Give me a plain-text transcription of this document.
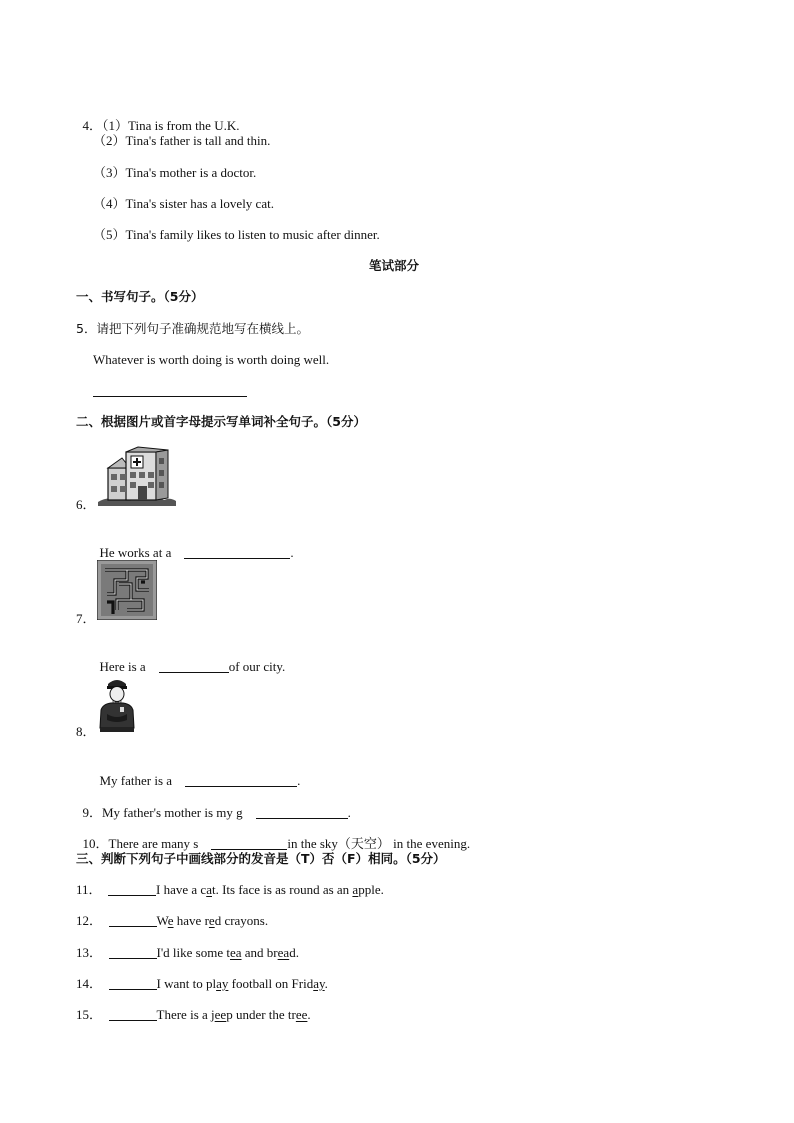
4．（1）Tina is from the U.K.

（2）Tina's father is tall and thin.
（3）Tina's mother is a doctor.
（4）Tina's sister has a lovely cat.
（5）Tina's family likes to listen to music after dinner.
笔试部分
一、书写句子。（5分）
5．请把下列句子准确规范地写在横线上。
Whatever is worth doing is worth doing well.
二、根据图片或首字母提示写单词补全句子。（5分）
6．

He works at a	.

7．

Here is a	of our city.

8．

My father is a	.

9．My father's mother is my g	.

10．There are many s	in the sky（天空） in the evening.

三、判断下列句子中画线部分的发音是（T）否（F）相同。（5分）
11．	I have a cat. Its face is as round as an apple.
12．	We have red crayons.
13．	I'd like some tea and bread.
14．	I want to play football on Friday.
15．	There is a jeep under the tree.
